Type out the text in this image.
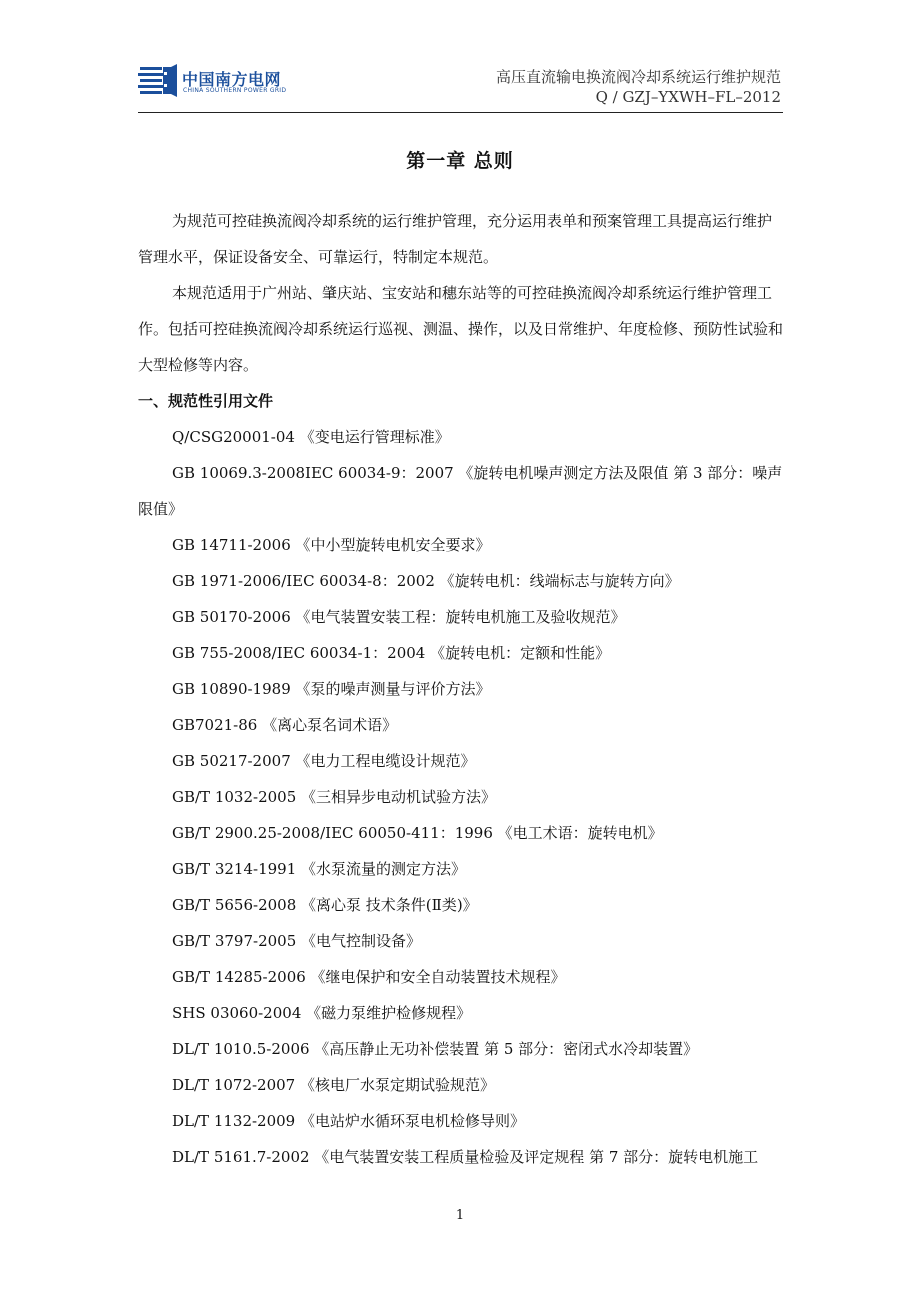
中国南方电网
CHINA SOUTHERN POWER GRID
高压直流输电换流阀冷却系统运行维护规范
Q / GZJ–YXWH–FL–2012
第一章 总则

为规范可控硅换流阀冷却系统的运行维护管理，充分运用表单和预案管理工具提高运行维护管理水平，保证设备安全、可靠运行，特制定本规范。

本规范适用于广州站、肇庆站、宝安站和穗东站等的可控硅换流阀冷却系统运行维护管理工作。包括可控硅换流阀冷却系统运行巡视、测温、操作，以及日常维护、年度检修、预防性试验和大型检修等内容。

一、规范性引用文件

Q/CSG20001-04 《变电运行管理标准》

GB 10069.3-2008IEC 60034-9：2007 《旋转电机噪声测定方法及限值 第 3 部分：噪声限值》

GB 14711-2006 《中小型旋转电机安全要求》

GB 1971-2006/IEC 60034-8：2002 《旋转电机：线端标志与旋转方向》

GB 50170-2006 《电气装置安装工程：旋转电机施工及验收规范》

GB 755-2008/IEC 60034-1：2004 《旋转电机：定额和性能》

GB 10890-1989 《泵的噪声测量与评价方法》

GB7021-86 《离心泵名词术语》

GB 50217-2007 《电力工程电缆设计规范》

GB/T 1032-2005 《三相异步电动机试验方法》

GB/T 2900.25-2008/IEC 60050-411：1996 《电工术语：旋转电机》

GB/T 3214-1991 《水泵流量的测定方法》

GB/T 5656-2008 《离心泵 技术条件(Ⅱ类)》

GB/T 3797-2005 《电气控制设备》

GB/T 14285-2006 《继电保护和安全自动装置技术规程》

SHS 03060-2004 《磁力泵维护检修规程》

DL/T 1010.5-2006 《高压静止无功补偿装置 第 5 部分：密闭式水冷却装置》

DL/T 1072-2007 《核电厂水泵定期试验规范》

DL/T 1132-2009 《电站炉水循环泵电机检修导则》

DL/T 5161.7-2002 《电气装置安装工程质量检验及评定规程 第 7 部分：旋转电机施工

1
